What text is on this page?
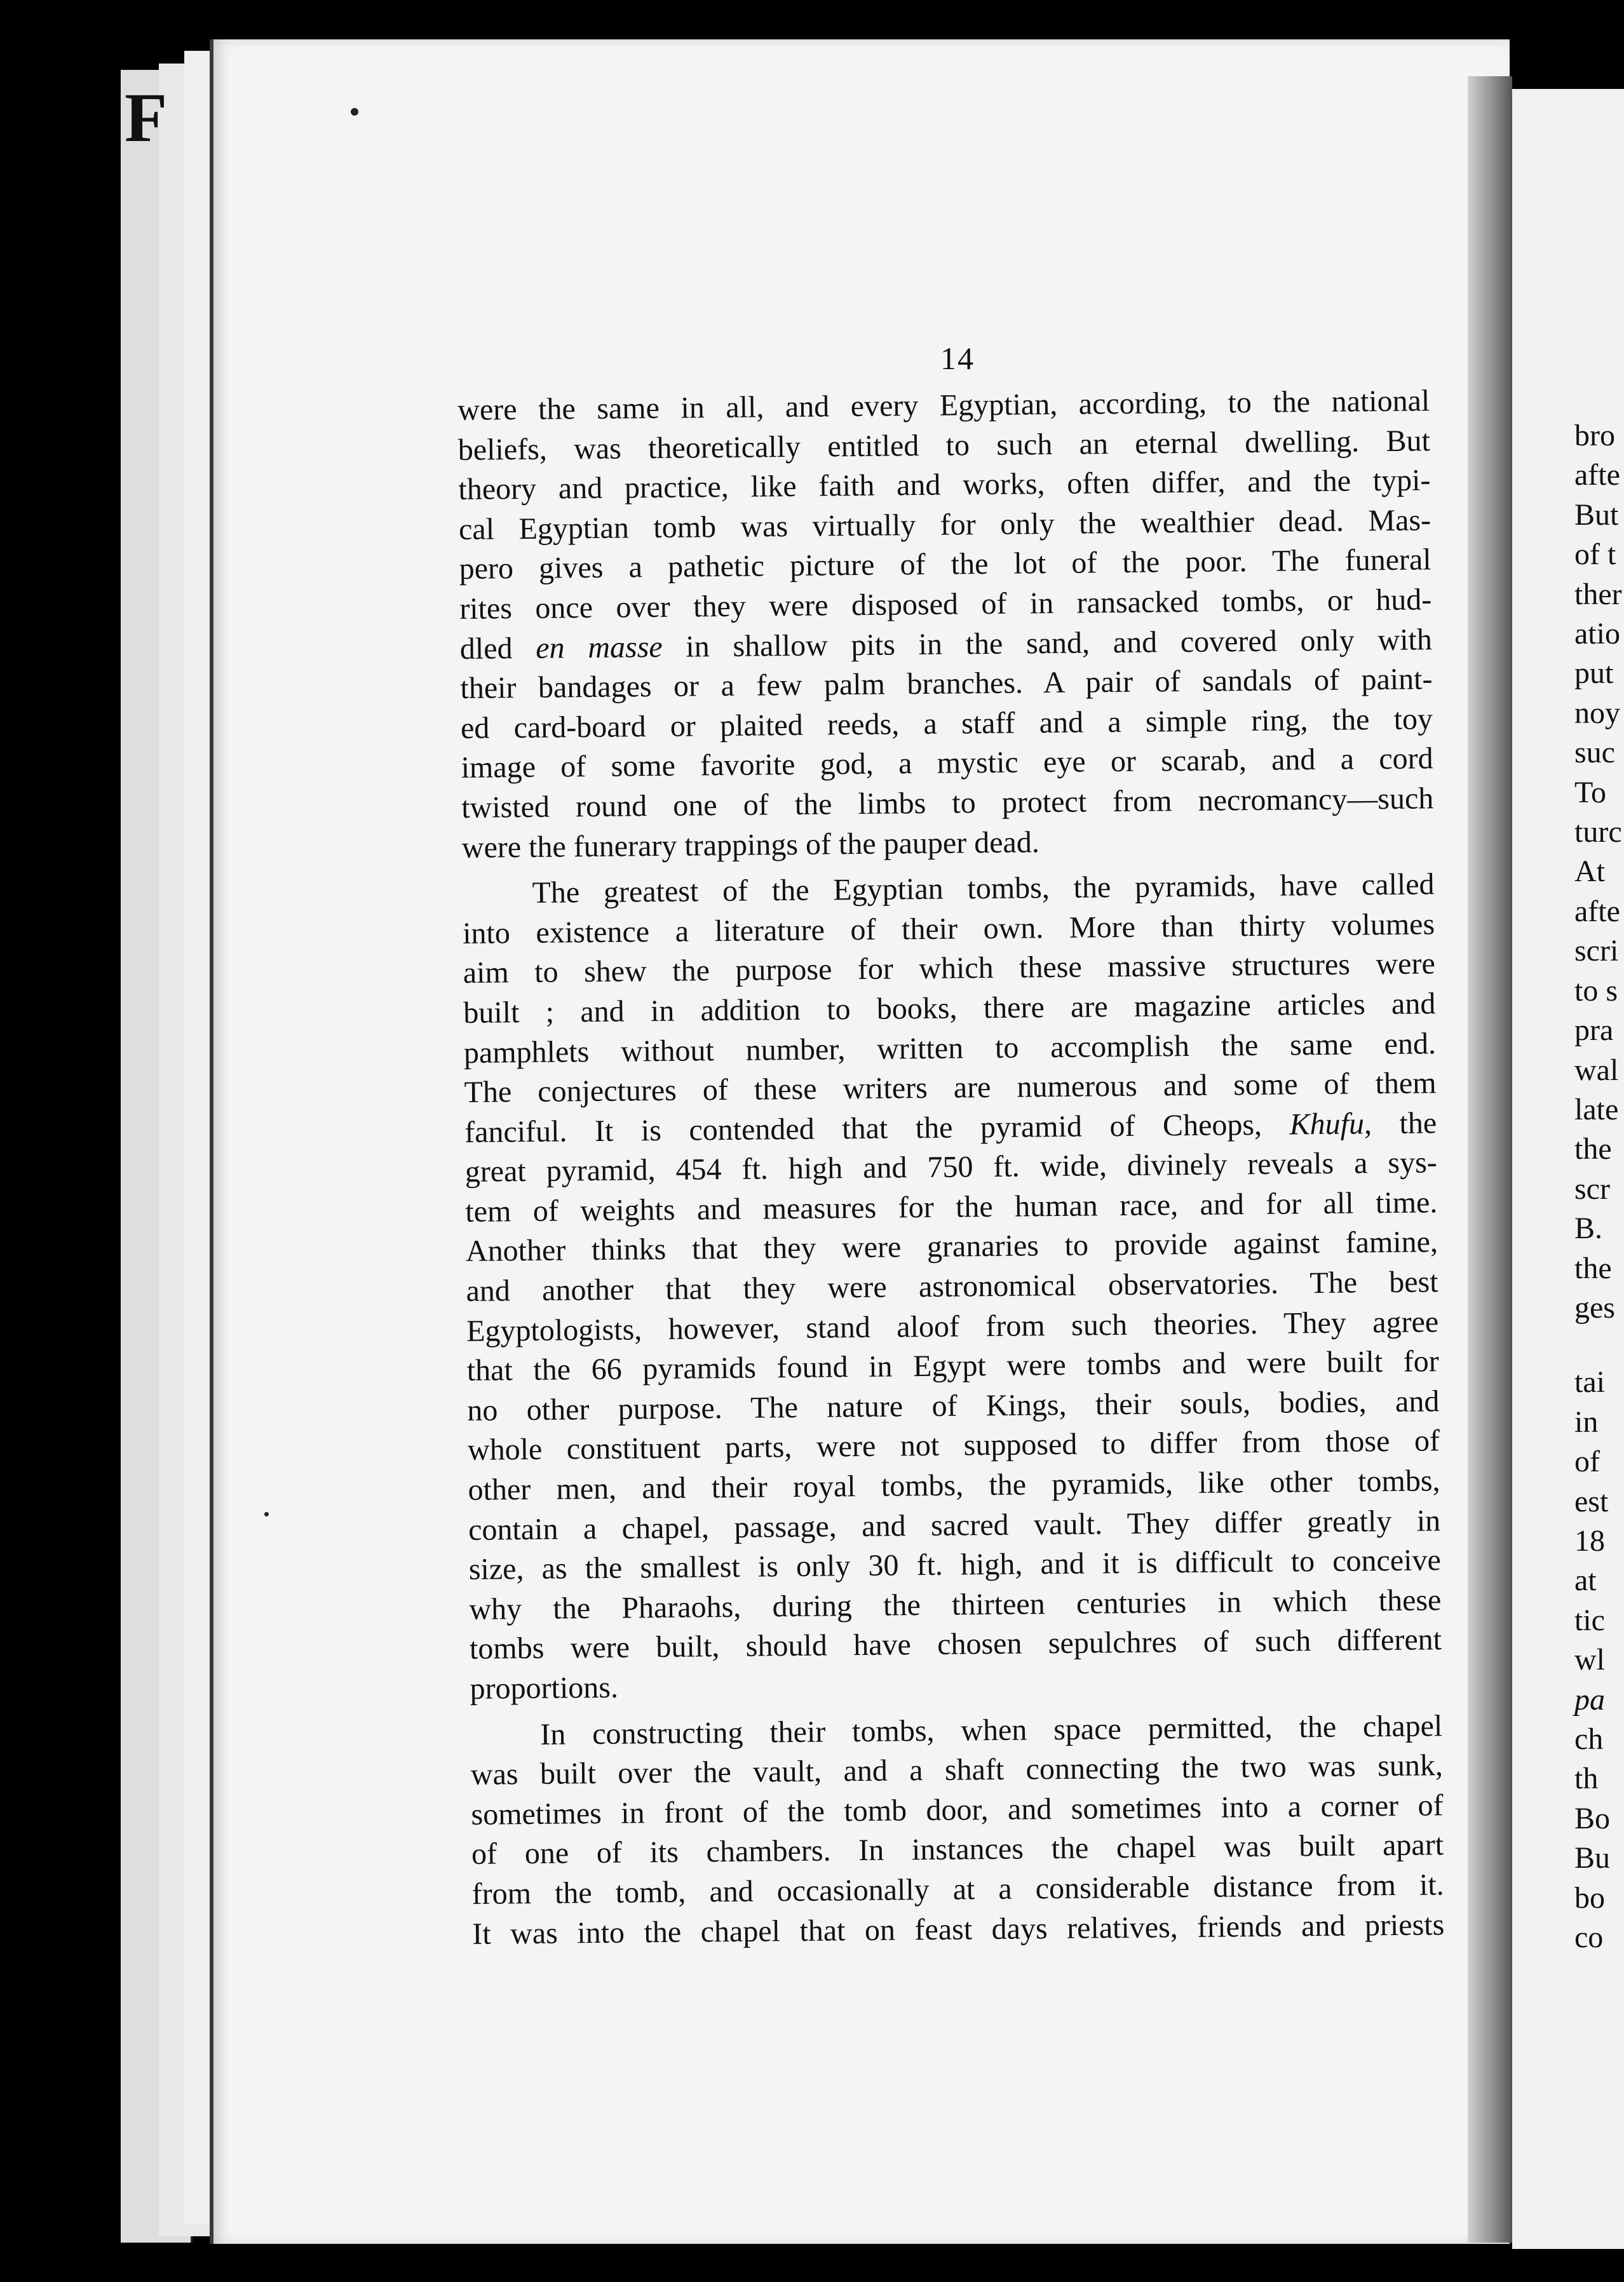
F
14

were the same in all, and every Egyptian, according, to the national
beliefs, was theoretically entitled to such an eternal dwelling. But
theory and practice, like faith and works, often differ, and the typi-
cal Egyptian tomb was virtually for only the wealthier dead. Mas-
pero gives a pathetic picture of the lot of the poor. The funeral
rites once over they were disposed of in ransacked tombs, or hud-
dled en masse in shallow pits in the sand, and covered only with
their bandages or a few palm branches. A pair of sandals of paint-
ed card-board or plaited reeds, a staff and a simple ring, the toy
image of some favorite god, a mystic eye or scarab, and a cord
twisted round one of the limbs to protect from necromancy—such
were the funerary trappings of the pauper dead.

The greatest of the Egyptian tombs, the pyramids, have called
into existence a literature of their own. More than thirty volumes
aim to shew the purpose for which these massive structures were
built ; and in addition to books, there are magazine articles and
pamphlets without number, written to accomplish the same end.
The conjectures of these writers are numerous and some of them
fanciful. It is contended that the pyramid of Cheops, Khufu, the
great pyramid, 454 ft. high and 750 ft. wide, divinely reveals a sys-
tem of weights and measures for the human race, and for all time.
Another thinks that they were granaries to provide against famine,
and another that they were astronomical observatories. The best
Egyptologists, however, stand aloof from such theories. They agree
that the 66 pyramids found in Egypt were tombs and were built for
no other purpose. The nature of Kings, their souls, bodies, and
whole constituent parts, were not supposed to differ from those of
other men, and their royal tombs, the pyramids, like other tombs,
contain a chapel, passage, and sacred vault. They differ greatly in
size, as the smallest is only 30 ft. high, and it is difficult to conceive
why the Pharaohs, during the thirteen centuries in which these
tombs were built, should have chosen sepulchres of such different
proportions.

In constructing their tombs, when space permitted, the chapel
was built over the vault, and a shaft connecting the two was sunk,
sometimes in front of the tomb door, and sometimes into a corner of
of one of its chambers. In instances the chapel was built apart
from the tomb, and occasionally at a considerable distance from it.
It was into the chapel that on feast days relatives, friends and priests

bro
afte
But
of t
ther
atio
put
noy
suc
To
turc
At
afte
scri
to s
pra
wal
late
the
scr
B.
the
ges
tai
in
of
est
18
at
tic
wl
pa
ch
th
Bo
Bu
bo
co
